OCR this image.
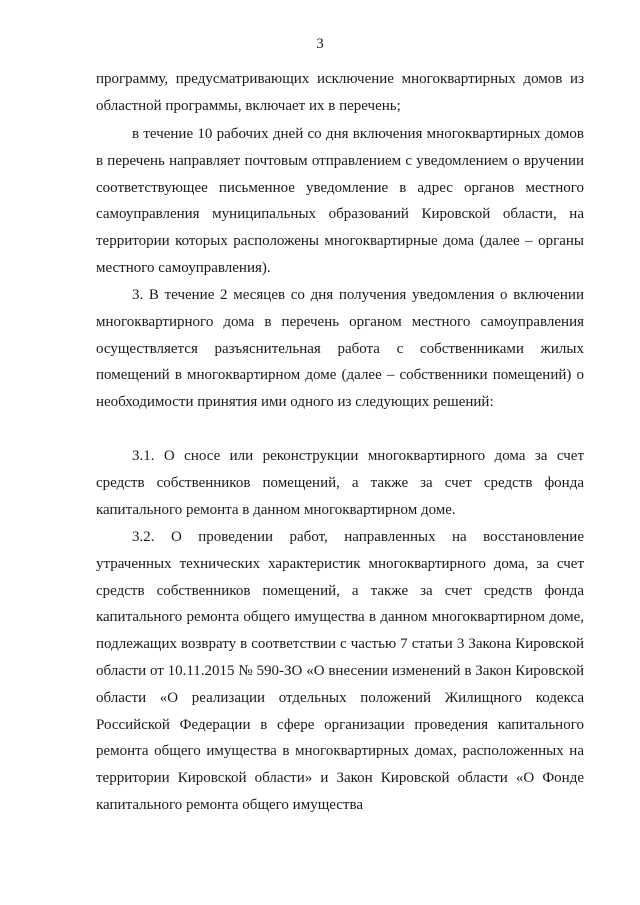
3
программу, предусматривающих исключение многоквартирных домов из областной программы, включает их в перечень;
в течение 10 рабочих дней со дня включения многоквартирных домов в перечень направляет почтовым отправлением с уведомлением о вручении соответствующее письменное уведомление в адрес органов местного самоуправления муниципальных образований Кировской области, на территории которых расположены многоквартирные дома (далее – органы местного самоуправления).
3. В течение 2 месяцев со дня получения уведомления о включении многоквартирного дома в перечень органом местного самоуправления осуществляется разъяснительная работа с собственниками жилых помещений в многоквартирном доме (далее – собственники помещений) о необходимости принятия ими одного из следующих решений:
3.1. О сносе или реконструкции многоквартирного дома за счет средств собственников помещений, а также за счет средств фонда капитального ремонта в данном многоквартирном доме.
3.2. О проведении работ, направленных на восстановление утраченных технических характеристик многоквартирного дома, за счет средств собственников помещений, а также за счет средств фонда капитального ремонта общего имущества в данном многоквартирном доме, подлежащих возврату в соответствии с частью 7 статьи 3 Закона Кировской области от 10.11.2015 № 590-ЗО «О внесении изменений в Закон Кировской области «О реализации отдельных положений Жилищного кодекса Российской Федерации в сфере организации проведения капитального ремонта общего имущества в многоквартирных домах, расположенных на территории Кировской области» и Закон Кировской области «О Фонде капитального ремонта общего имущества
